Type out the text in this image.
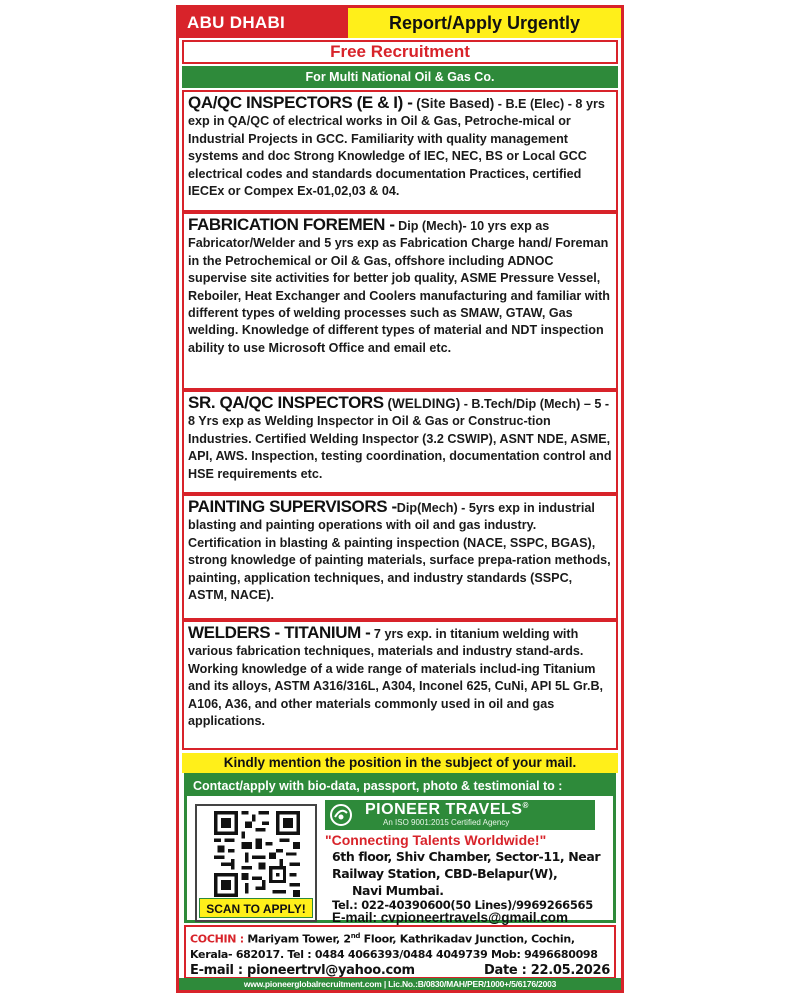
ABU DHABI	Report/Apply Urgently
Free Recruitment
For Multi National Oil & Gas Co.
QA/QC INSPECTORS (E & I) - (Site Based) - B.E (Elec) - 8 yrs exp in QA/QC of electrical works in Oil & Gas, Petroche-mical or Industrial Projects in GCC. Familiarity with quality management systems and doc Strong Knowledge of IEC, NEC, BS or Local GCC electrical codes and standards documentation Practices, certified IECEx or Compex Ex-01,02,03 & 04.
FABRICATION FOREMEN - Dip (Mech)- 10 yrs exp as Fabricator/Welder and 5 yrs exp as Fabrication Charge hand/ Foreman in the Petrochemical or Oil & Gas, offshore including ADNOC supervise site activities for better job quality, ASME Pressure Vessel, Reboiler, Heat Exchanger and Coolers manufacturing and familiar with different types of welding processes such as SMAW, GTAW, Gas welding. Knowledge of different types of material and NDT inspection ability to use Microsoft Office and email etc.
SR. QA/QC INSPECTORS (WELDING) - B.Tech/Dip (Mech) – 5 - 8 Yrs exp as Welding Inspector in Oil & Gas or Construc-tion Industries. Certified Welding Inspector (3.2 CSWIP), ASNT NDE, ASME, API, AWS. Inspection, testing coordination, documentation control and HSE requirements etc.
PAINTING SUPERVISORS -Dip(Mech) - 5yrs exp in industrial blasting and painting operations with oil and gas industry. Certification in blasting & painting inspection (NACE, SSPC, BGAS), strong knowledge of painting materials, surface prepa-ration methods, painting, application techniques, and industry standards (SSPC, ASTM, NACE).
WELDERS - TITANIUM - 7 yrs exp. in titanium welding with various fabrication techniques, materials and industry stand-ards. Working knowledge of a wide range of materials includ-ing Titanium and its alloys, ASTM A316/316L, A304, Inconel 625, CuNi, API 5L Gr.B, A106, A36, and other materials commonly used in oil and gas applications.
Kindly mention the position in the subject of your mail.
Contact/apply with bio-data, passport, photo & testimonial to :
SCAN TO APPLY!
PIONEER TRAVELS®
An ISO 9001:2015 Certified Agency
"Connecting Talents Worldwide!"
6th floor, Shiv Chamber, Sector-11, Near
Railway Station, CBD-Belapur(W),
Navi Mumbai.
Tel.: 022-40390600(50 Lines)/9969266565
E-mail: cvpioneertravels@gmail.com
COCHIN : Mariyam Tower, 2nd Floor, Kathrikadav Junction, Cochin, Kerala- 682017. Tel : 0484 4066393/0484 4049739 Mob: 9496680098
E-mail : pioneertrvl@yahoo.com	Date : 22.05.2026
www.pioneerglobalrecruitment.com | Lic.No.:B/0830/MAH/PER/1000+/5/6176/2003
